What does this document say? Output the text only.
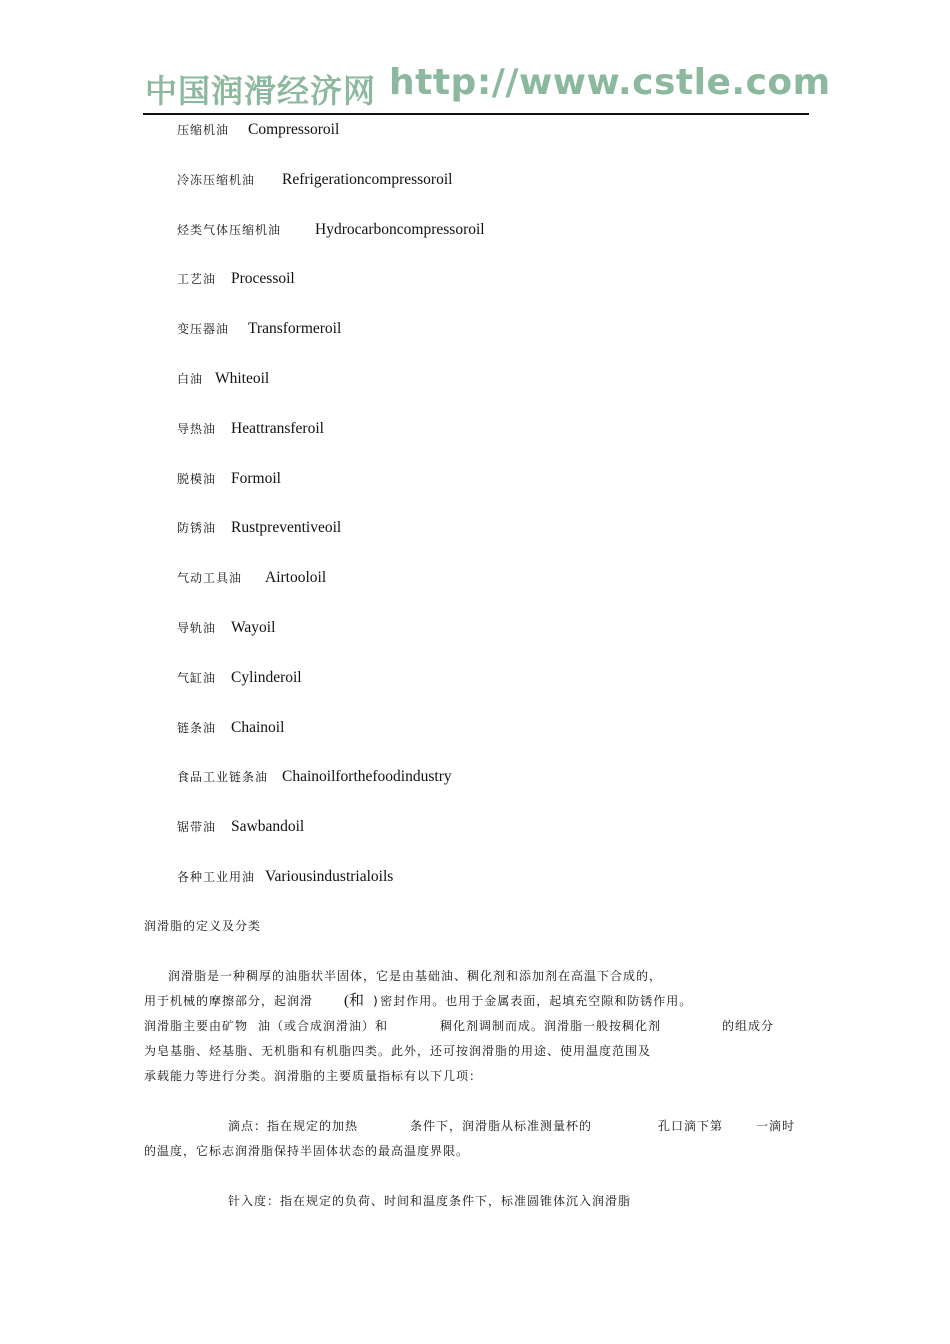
中国润滑经济网 http://www.cstle.com
压缩机油 Compressoroil
冷冻压缩机油 Refrigerationcompressoroil
烃类气体压缩机油 Hydrocarboncompressoroil
工艺油 Processoil
变压器油 Transformeroil
白油 Whiteoil
导热油 Heattransferoil
脱模油 Formoil
防锈油 Rustpreventiveoil
气动工具油 Airtooloil
导轨油 Wayoil
气缸油 Cylinderoil
链条油 Chainoil
食品工业链条油 Chainoilforthefoodindustry
锯带油 Sawbandoil
各种工业用油 Variousindustrialoils
润滑脂的定义及分类
润滑脂是一种稠厚的油脂状半固体，它是由基础油、稠化剂和添加剂在高温下合成的，
用于机械的摩擦部分，起润滑 (和 )密封作用。也用于金属表面，起填充空隙和防锈作用。
润滑脂主要由矿物 油（或合成润滑油）和	稠化剂调制而成。润滑脂一般按稠化剂	的组成分
为皂基脂、烃基脂、无机脂和有机脂四类。此外，还可按润滑脂的用途、使用温度范围及
承载能力等进行分类。润滑脂的主要质量指标有以下几项：
滴点：指在规定的加热	条件下，润滑脂从标准测量杯的	孔口滴下第	一滴时
的温度，它标志润滑脂保持半固体状态的最高温度界限。
针入度：指在规定的负荷、时间和温度条件下，标准圆锥体沉入润滑脂
